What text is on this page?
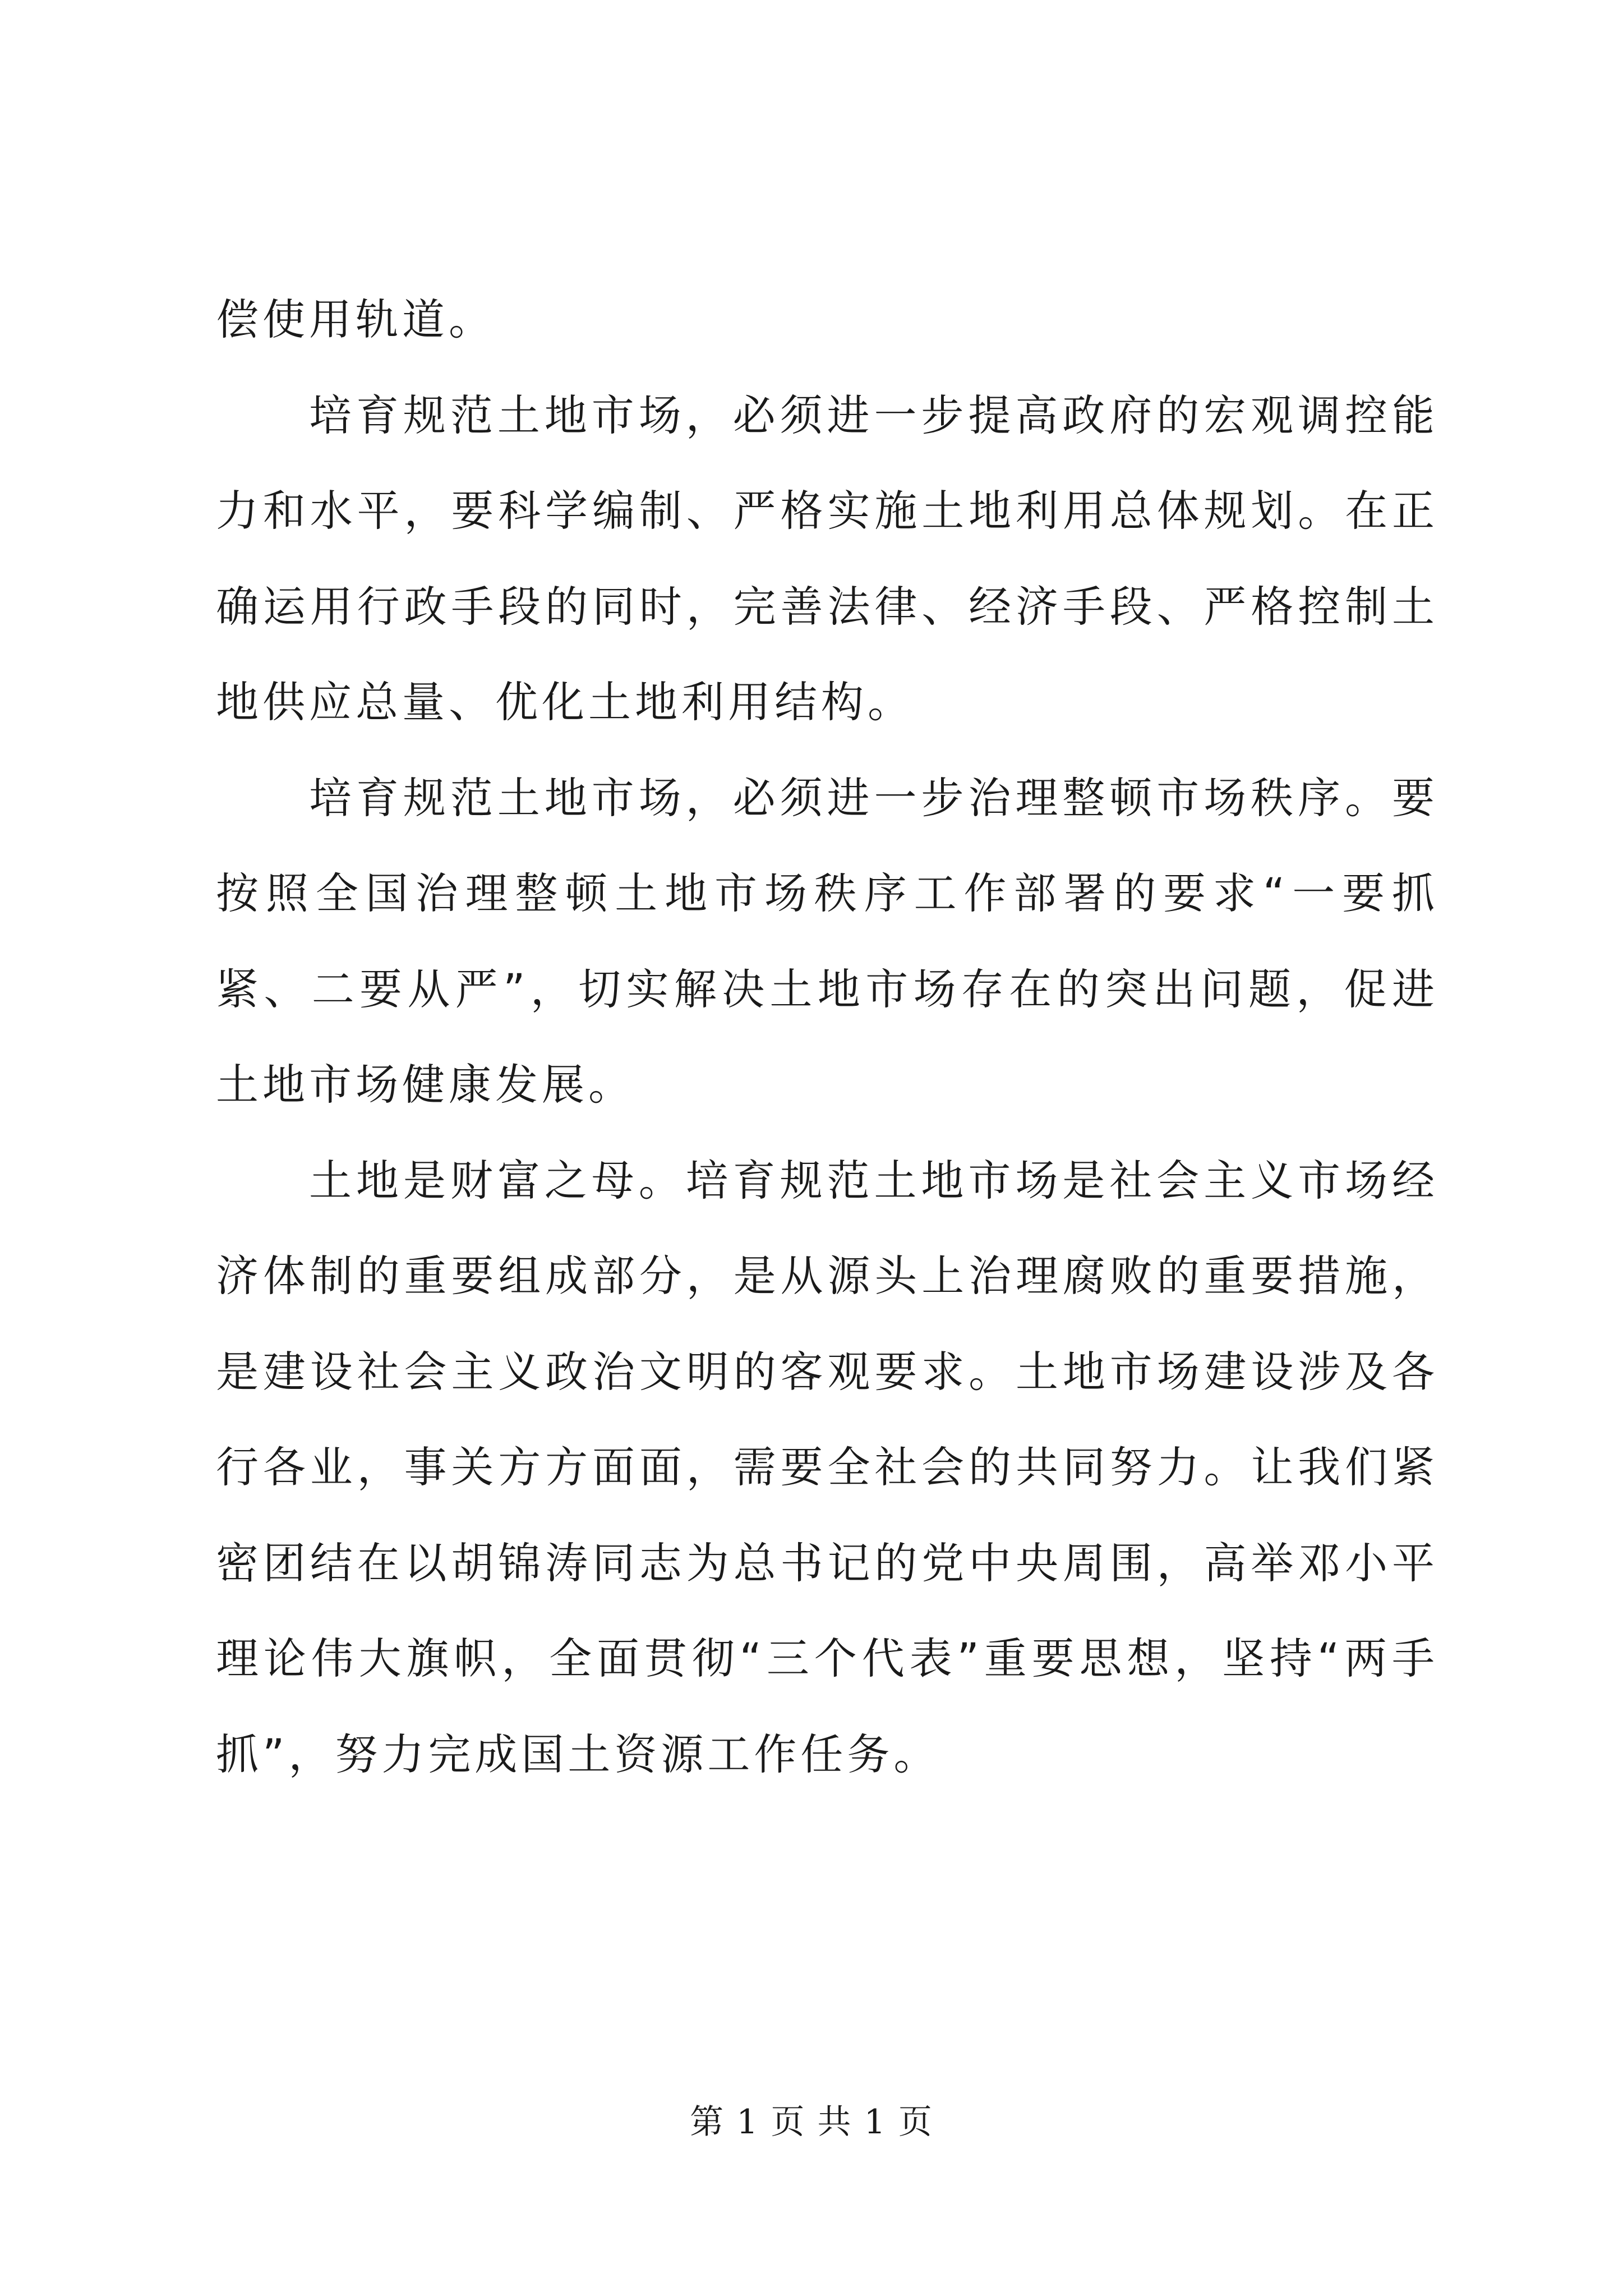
偿使用轨道。

培育规范土地市场，必须进一步提高政府的宏观调控能力和水平，要科学编制、严格实施土地利用总体规划。在正确运用行政手段的同时，完善法律、经济手段、严格控制土地供应总量、优化土地利用结构。

培育规范土地市场，必须进一步治理整顿市场秩序。要按照全国治理整顿土地市场秩序工作部署的要求“一要抓紧、二要从严”，切实解决土地市场存在的突出问题，促进土地市场健康发展。

土地是财富之母。培育规范土地市场是社会主义市场经济体制的重要组成部分，是从源头上治理腐败的重要措施，是建设社会主义政治文明的客观要求。土地市场建设涉及各行各业，事关方方面面，需要全社会的共同努力。让我们紧密团结在以胡锦涛同志为总书记的党中央周围，高举邓小平理论伟大旗帜，全面贯彻“三个代表”重要思想，坚持“两手抓”，努力完成国土资源工作任务。

第 1 页 共 1 页
